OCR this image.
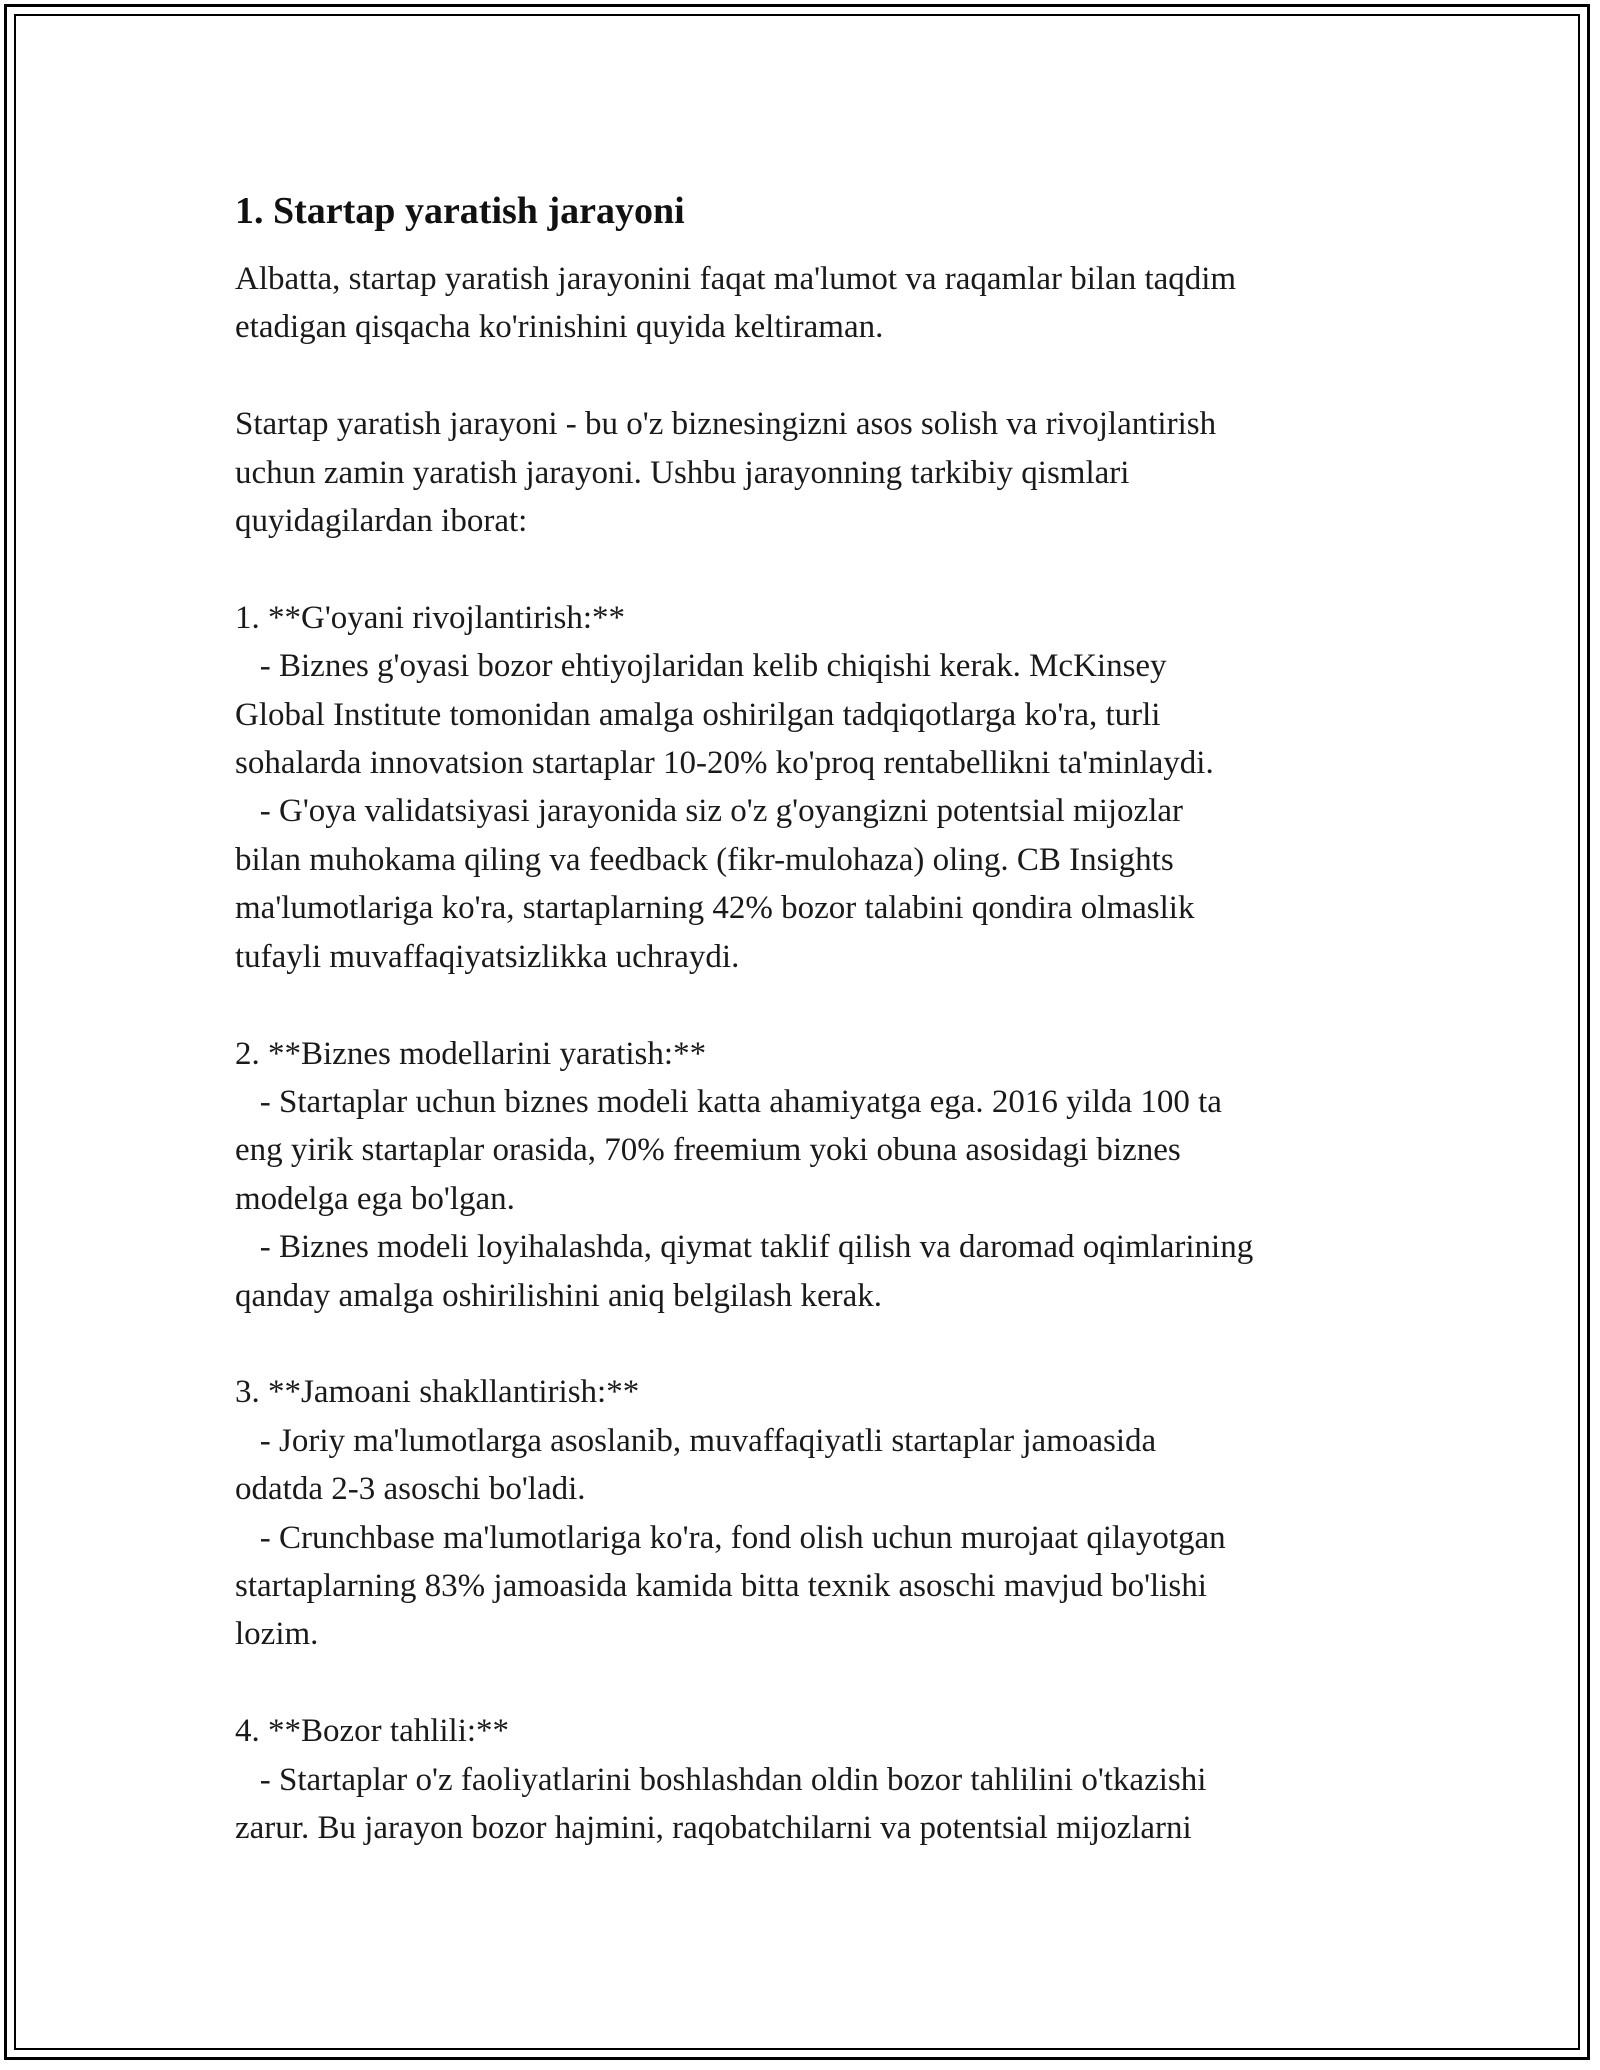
1. Startap yaratish jarayoni
Albatta, startap yaratish jarayonini faqat ma'lumot va raqamlar bilan taqdim
etadigan qisqacha ko'rinishini quyida keltiraman.

Startap yaratish jarayoni - bu o'z biznesingizni asos solish va rivojlantirish
uchun zamin yaratish jarayoni. Ushbu jarayonning tarkibiy qismlari
quyidagilardan iborat:

1. **G'oyani rivojlantirish:**
- Biznes g'oyasi bozor ehtiyojlaridan kelib chiqishi kerak. McKinsey
Global Institute tomonidan amalga oshirilgan tadqiqotlarga ko'ra, turli
sohalarda innovatsion startaplar 10-20% ko'proq rentabellikni ta'minlaydi.
- G'oya validatsiyasi jarayonida siz o'z g'oyangizni potentsial mijozlar
bilan muhokama qiling va feedback (fikr-mulohaza) oling. CB Insights
ma'lumotlariga ko'ra, startaplarning 42% bozor talabini qondira olmaslik
tufayli muvaffaqiyatsizlikka uchraydi.

2. **Biznes modellarini yaratish:**
- Startaplar uchun biznes modeli katta ahamiyatga ega. 2016 yilda 100 ta
eng yirik startaplar orasida, 70% freemium yoki obuna asosidagi biznes
modelga ega bo'lgan.
- Biznes modeli loyihalashda, qiymat taklif qilish va daromad oqimlarining
qanday amalga oshirilishini aniq belgilash kerak.

3. **Jamoani shakllantirish:**
- Joriy ma'lumotlarga asoslanib, muvaffaqiyatli startaplar jamoasida
odatda 2-3 asoschi bo'ladi.
- Crunchbase ma'lumotlariga ko'ra, fond olish uchun murojaat qilayotgan
startaplarning 83% jamoasida kamida bitta texnik asoschi mavjud bo'lishi
lozim.

4. **Bozor tahlili:**
- Startaplar o'z faoliyatlarini boshlashdan oldin bozor tahlilini o'tkazishi
zarur. Bu jarayon bozor hajmini, raqobatchilarni va potentsial mijozlarni
